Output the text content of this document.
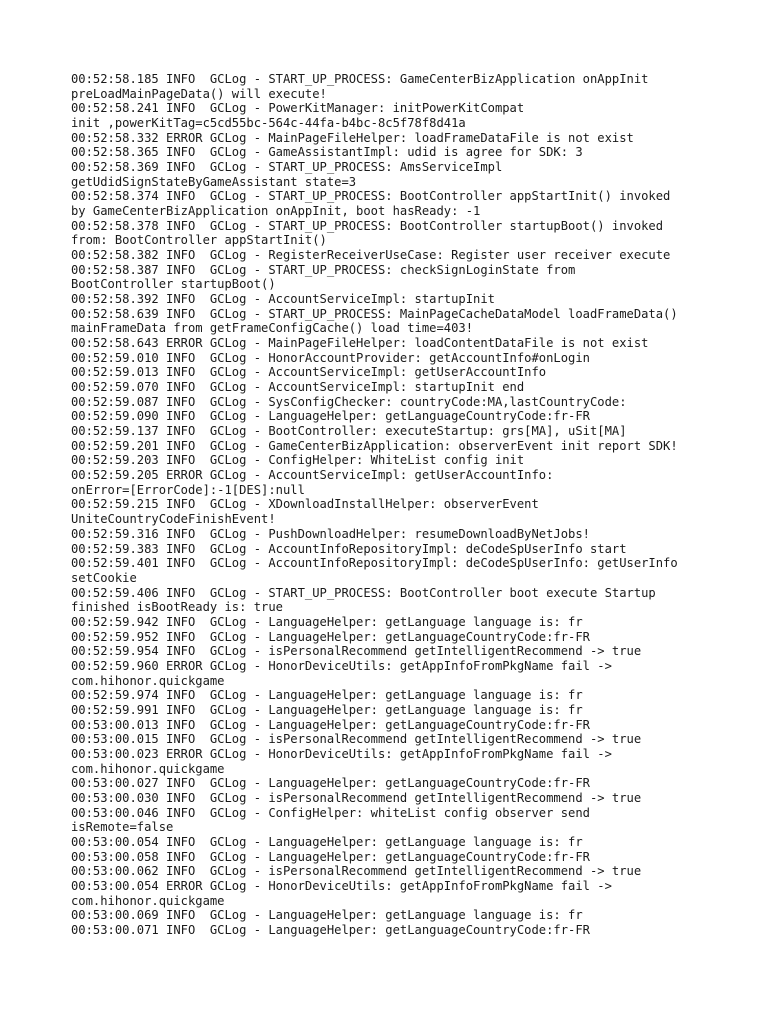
00:52:58.185 INFO  GCLog - START_UP_PROCESS: GameCenterBizApplication onAppInit
preLoadMainPageData() will execute!
00:52:58.241 INFO  GCLog - PowerKitManager: initPowerKitCompat
init ,powerKitTag=c5cd55bc-564c-44fa-b4bc-8c5f78f8d41a
00:52:58.332 ERROR GCLog - MainPageFileHelper: loadFrameDataFile is not exist
00:52:58.365 INFO  GCLog - GameAssistantImpl: udid is agree for SDK: 3
00:52:58.369 INFO  GCLog - START_UP_PROCESS: AmsServiceImpl
getUdidSignStateByGameAssistant state=3
00:52:58.374 INFO  GCLog - START_UP_PROCESS: BootController appStartInit() invoked
by GameCenterBizApplication onAppInit, boot hasReady: -1
00:52:58.378 INFO  GCLog - START_UP_PROCESS: BootController startupBoot() invoked
from: BootController appStartInit()
00:52:58.382 INFO  GCLog - RegisterReceiverUseCase: Register user receiver execute
00:52:58.387 INFO  GCLog - START_UP_PROCESS: checkSignLoginState from
BootController startupBoot()
00:52:58.392 INFO  GCLog - AccountServiceImpl: startupInit
00:52:58.639 INFO  GCLog - START_UP_PROCESS: MainPageCacheDataModel loadFrameData()
mainFrameData from getFrameConfigCache() load time=403!
00:52:58.643 ERROR GCLog - MainPageFileHelper: loadContentDataFile is not exist
00:52:59.010 INFO  GCLog - HonorAccountProvider: getAccountInfo#onLogin
00:52:59.013 INFO  GCLog - AccountServiceImpl: getUserAccountInfo
00:52:59.070 INFO  GCLog - AccountServiceImpl: startupInit end
00:52:59.087 INFO  GCLog - SysConfigChecker: countryCode:MA,lastCountryCode:
00:52:59.090 INFO  GCLog - LanguageHelper: getLanguageCountryCode:fr-FR
00:52:59.137 INFO  GCLog - BootController: executeStartup: grs[MA], uSit[MA]
00:52:59.201 INFO  GCLog - GameCenterBizApplication: observerEvent init report SDK!
00:52:59.203 INFO  GCLog - ConfigHelper: WhiteList config init
00:52:59.205 ERROR GCLog - AccountServiceImpl: getUserAccountInfo:
onError=[ErrorCode]:-1[DES]:null
00:52:59.215 INFO  GCLog - XDownloadInstallHelper: observerEvent
UniteCountryCodeFinishEvent!
00:52:59.316 INFO  GCLog - PushDownloadHelper: resumeDownloadByNetJobs!
00:52:59.383 INFO  GCLog - AccountInfoRepositoryImpl: deCodeSpUserInfo start
00:52:59.401 INFO  GCLog - AccountInfoRepositoryImpl: deCodeSpUserInfo: getUserInfo
setCookie
00:52:59.406 INFO  GCLog - START_UP_PROCESS: BootController boot execute Startup
finished isBootReady is: true
00:52:59.942 INFO  GCLog - LanguageHelper: getLanguage language is: fr
00:52:59.952 INFO  GCLog - LanguageHelper: getLanguageCountryCode:fr-FR
00:52:59.954 INFO  GCLog - isPersonalRecommend getIntelligentRecommend -> true
00:52:59.960 ERROR GCLog - HonorDeviceUtils: getAppInfoFromPkgName fail ->
com.hihonor.quickgame
00:52:59.974 INFO  GCLog - LanguageHelper: getLanguage language is: fr
00:52:59.991 INFO  GCLog - LanguageHelper: getLanguage language is: fr
00:53:00.013 INFO  GCLog - LanguageHelper: getLanguageCountryCode:fr-FR
00:53:00.015 INFO  GCLog - isPersonalRecommend getIntelligentRecommend -> true
00:53:00.023 ERROR GCLog - HonorDeviceUtils: getAppInfoFromPkgName fail ->
com.hihonor.quickgame
00:53:00.027 INFO  GCLog - LanguageHelper: getLanguageCountryCode:fr-FR
00:53:00.030 INFO  GCLog - isPersonalRecommend getIntelligentRecommend -> true
00:53:00.046 INFO  GCLog - ConfigHelper: whiteList config observer send
isRemote=false
00:53:00.054 INFO  GCLog - LanguageHelper: getLanguage language is: fr
00:53:00.058 INFO  GCLog - LanguageHelper: getLanguageCountryCode:fr-FR
00:53:00.062 INFO  GCLog - isPersonalRecommend getIntelligentRecommend -> true
00:53:00.054 ERROR GCLog - HonorDeviceUtils: getAppInfoFromPkgName fail ->
com.hihonor.quickgame
00:53:00.069 INFO  GCLog - LanguageHelper: getLanguage language is: fr
00:53:00.071 INFO  GCLog - LanguageHelper: getLanguageCountryCode:fr-FR
